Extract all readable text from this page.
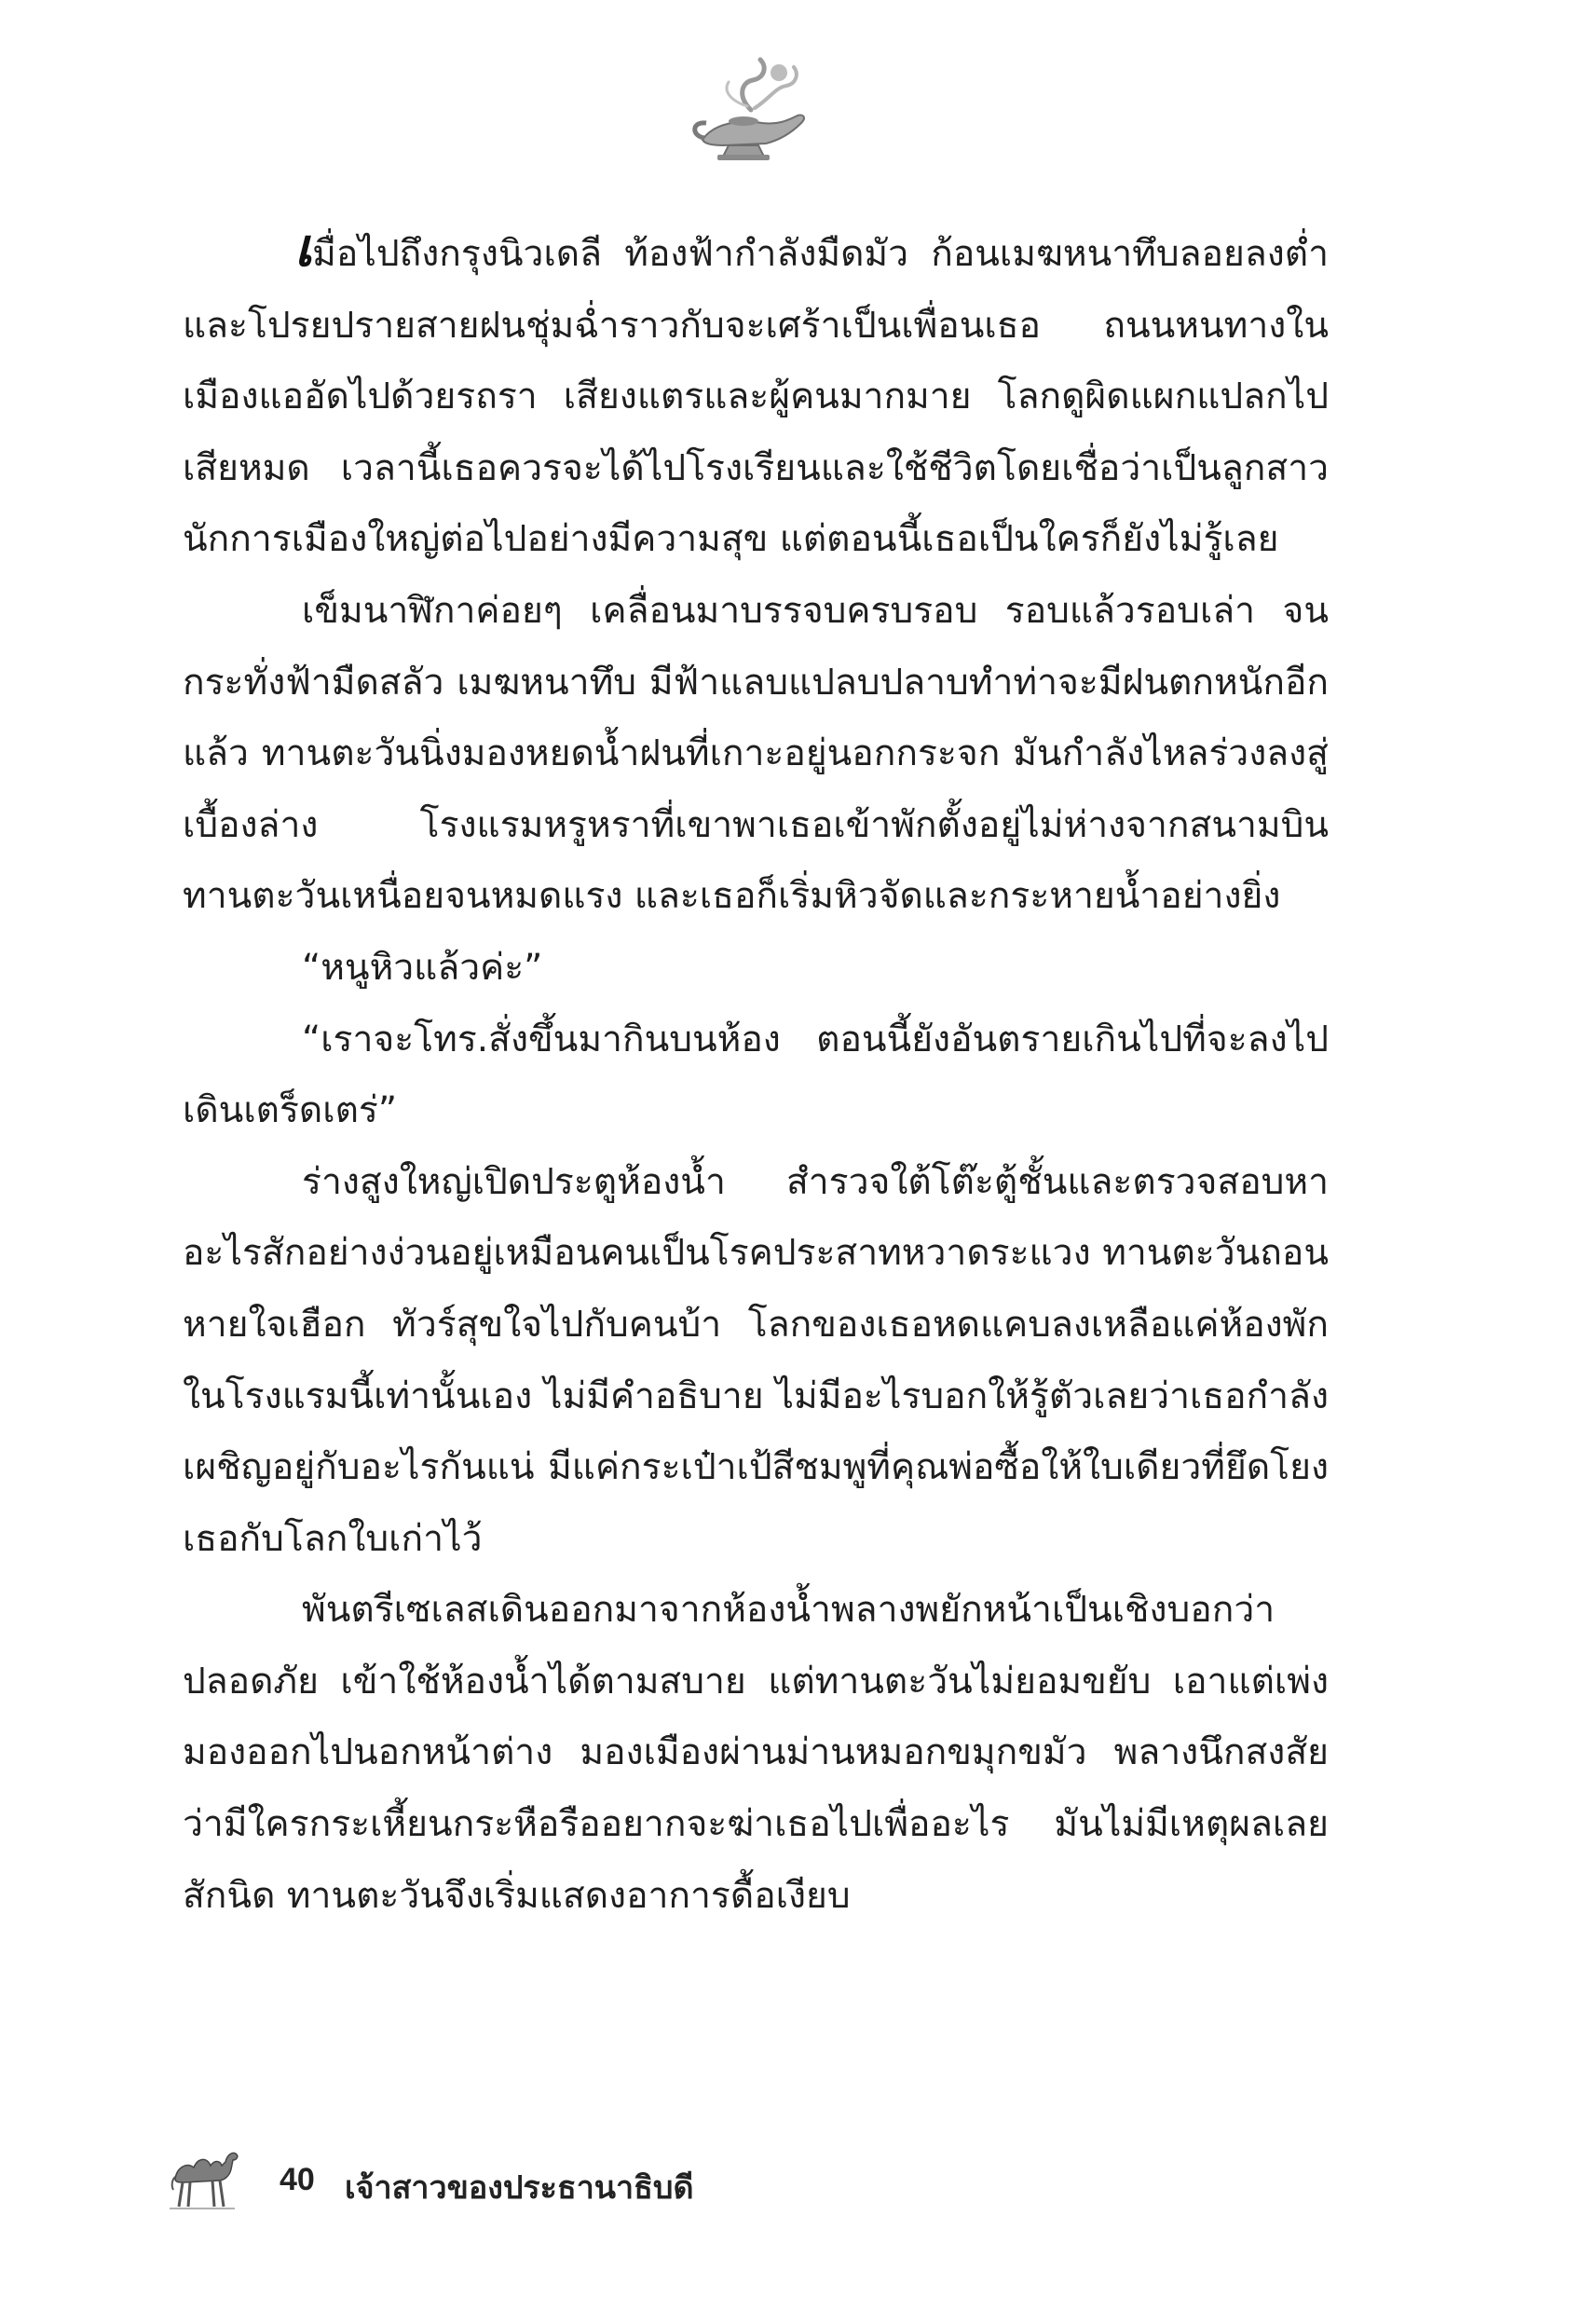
เมื่อไปถึงกรุงนิวเดลี ท้องฟ้ากำลังมืดมัว ก้อนเมฆหนาทึบลอยลงต่ำและโปรยปรายสายฝนชุ่มฉ่ำราวกับจะเศร้าเป็นเพื่อนเธอ ถนนหนทางในเมืองแออัดไปด้วยรถรา เสียงแตรและผู้คนมากมาย โลกดูผิดแผกแปลกไปเสียหมด เวลานี้เธอควรจะได้ไปโรงเรียนและใช้ชีวิตโดยเชื่อว่าเป็นลูกสาวนักการเมืองใหญ่ต่อไปอย่างมีความสุข แต่ตอนนี้เธอเป็นใครก็ยังไม่รู้เลย

เข็มนาฬิกาค่อยๆ เคลื่อนมาบรรจบครบรอบ รอบแล้วรอบเล่า จนกระทั่งฟ้ามืดสลัว เมฆหนาทึบ มีฟ้าแลบแปลบปลาบทำท่าจะมีฝนตกหนักอีกแล้ว ทานตะวันนิ่งมองหยดน้ำฝนที่เกาะอยู่นอกกระจก มันกำลังไหลร่วงลงสู่เบื้องล่าง โรงแรมหรูหราที่เขาพาเธอเข้าพักตั้งอยู่ไม่ห่างจากสนามบิน ทานตะวันเหนื่อยจนหมดแรง และเธอก็เริ่มหิวจัดและกระหายน้ำอย่างยิ่ง

“หนูหิวแล้วค่ะ”

“เราจะโทร.สั่งขึ้นมากินบนห้อง ตอนนี้ยังอันตรายเกินไปที่จะลงไปเดินเตร็ดเตร่”

ร่างสูงใหญ่เปิดประตูห้องน้ำ สำรวจใต้โต๊ะตู้ชั้นและตรวจสอบหาอะไรสักอย่างง่วนอยู่เหมือนคนเป็นโรคประสาทหวาดระแวง ทานตะวันถอนหายใจเฮือก ทัวร์สุขใจไปกับคนบ้า โลกของเธอหดแคบลงเหลือแค่ห้องพักในโรงแรมนี้เท่านั้นเอง ไม่มีคำอธิบาย ไม่มีอะไรบอกให้รู้ตัวเลยว่าเธอกำลังเผชิญอยู่กับอะไรกันแน่ มีแค่กระเป๋าเป้สีชมพูที่คุณพ่อซื้อให้ใบเดียวที่ยึดโยงเธอกับโลกใบเก่าไว้

พันตรีเซเลสเดินออกมาจากห้องน้ำพลางพยักหน้าเป็นเชิงบอกว่าปลอดภัย เข้าใช้ห้องน้ำได้ตามสบาย แต่ทานตะวันไม่ยอมขยับ เอาแต่เพ่งมองออกไปนอกหน้าต่าง มองเมืองผ่านม่านหมอกขมุกขมัว พลางนึกสงสัยว่ามีใครกระเหี้ยนกระหือรืออยากจะฆ่าเธอไปเพื่ออะไร มันไม่มีเหตุผลเลยสักนิด ทานตะวันจึงเริ่มแสดงอาการดื้อเงียบ

40 เจ้าสาวของประธานาธิบดี
